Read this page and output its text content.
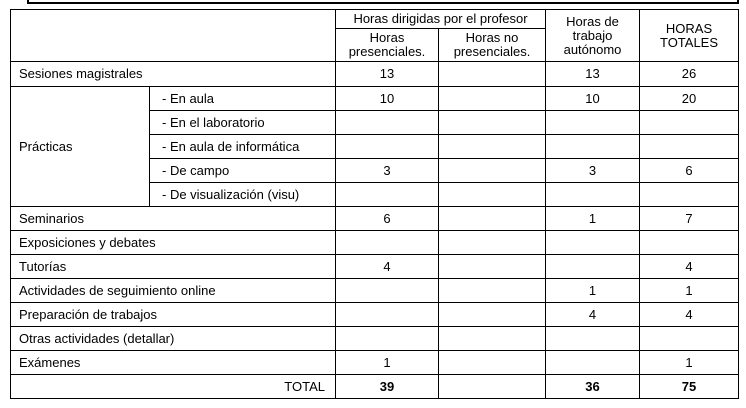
		Horas dirigidas por el profesor		Horas de trabajo autónomo	HORAS TOTALES
		Horas presenciales.	Horas no presenciales.		
Sesiones magistrales		13		13	26
Prácticas	- En aula	10		10	20
	- En el laboratorio				
	- En aula de informática				
	- De campo	3		3	6
	- De visualización (visu)				
Seminarios		6		1	7
Exposiciones y debates					
Tutorías		4			4
Actividades de seguimiento online				1	1
Preparación de trabajos				4	4
Otras actividades (detallar)					
Exámenes		1			1
TOTAL		39		36	75
